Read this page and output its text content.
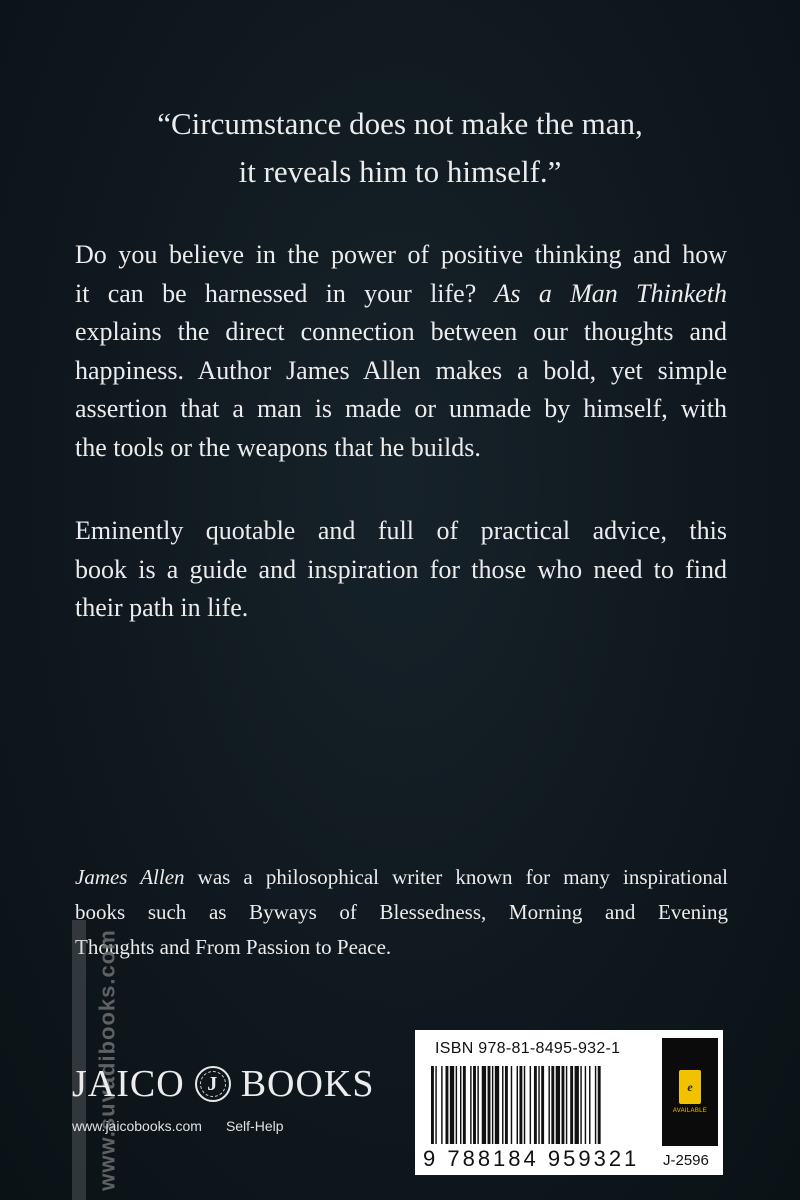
“Circumstance does not make the man,
it reveals him to himself.”

Do you believe in the power of positive thinking and how
it can be harnessed in your life? As a Man Thinketh
explains the direct connection between our thoughts and
happiness. Author James Allen makes a bold, yet simple
assertion that a man is made or unmade by himself, with
the tools or the weapons that he builds.

Eminently quotable and full of practical advice, this
book is a guide and inspiration for those who need to find
their path in life.

James Allen was a philosophical writer known for many inspirational
books such as Byways of Blessedness, Morning and Evening
Thoughts and From Passion to Peace.

www.suvadibooks.com
JAICO J BOOKS
www.jaicobooks.com Self-Help
ISBN 978-81-8495-932-1
9 788184 959321
e
AVAILABLE
J-2596
